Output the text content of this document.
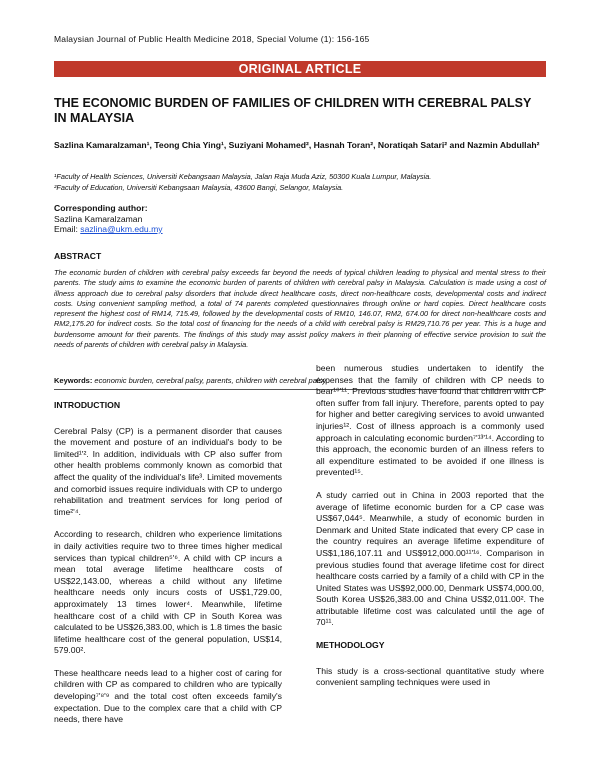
Malaysian Journal of Public Health Medicine 2018, Special Volume (1): 156-165
ORIGINAL ARTICLE
THE ECONOMIC BURDEN OF FAMILIES OF CHILDREN WITH CEREBRAL PALSY IN MALAYSIA
Sazlina Kamaralzaman¹, Teong Chia Ying¹, Suziyani Mohamed², Hasnah Toran², Noratiqah Satari² and Nazmin Abdullah²
¹Faculty of Health Sciences, Universiti Kebangsaan Malaysia, Jalan Raja Muda Aziz, 50300 Kuala Lumpur, Malaysia.
²Faculty of Education, Universiti Kebangsaan Malaysia, 43600 Bangi, Selangor, Malaysia.
Corresponding author:
Sazlina Kamaralzaman
Email: sazlina@ukm.edu.my
ABSTRACT
The economic burden of children with cerebral palsy exceeds far beyond the needs of typical children leading to physical and mental stress to their parents. The study aims to examine the economic burden of parents of children with cerebral palsy in Malaysia. Calculation is made using a cost of illness approach due to cerebral palsy disorders that include direct healthcare costs, direct non-healthcare costs, developmental costs and indirect costs. Using convenient sampling method, a total of 74 parents completed questionnaires through online or hard copies. Direct healthcare costs represent the highest cost of RM14, 715.49, followed by the developmental costs of RM10, 146.07, RM2, 674.00 for direct non-healthcare costs and RM2,175.20 for indirect costs. So the total cost of financing for the needs of a child with cerebral palsy is RM29,710.76 per year. This is a huge and burdensome amount for their parents. The findings of this study may assist policy makers in their planning of effective service provision to suit the needs of parents of children with cerebral palsy in Malaysia.
Keywords: economic burden, cerebral palsy, parents, children with cerebral palsy
INTRODUCTION

Cerebral Palsy (CP) is a permanent disorder that causes the movement and posture of an individual's body to be limited¹'². In addition, individuals with CP also suffer from other health problems commonly known as comorbid that affect the quality of the individual's life³. Limited movements and comorbid issues require individuals with CP to undergo rehabilitation and treatment services for long period of time²'⁴.

According to research, children who experience limitations in daily activities require two to three times higher medical services than typical children⁵'⁶. A child with CP incurs a mean total average lifetime healthcare costs of US$22,143.00, whereas a child without any lifetime healthcare needs only incurs costs of US$1,729.00, approximately 13 times lower⁴. Meanwhile, lifetime healthcare cost of a child with CP in South Korea was calculated to be US$26,383.00, which is 1.8 times the basic lifetime healthcare cost of the general population, US$14, 579.00².

These healthcare needs lead to a higher cost of caring for children with CP as compared to children who are typically developing⁷'⁸'⁹ and the total cost often exceeds family's expectation. Due to the complex care that a child with CP needs, there have

been numerous studies undertaken to identify the expenses that the family of children with CP needs to bear¹⁰'¹¹. Previous studies have found that children with CP often suffer from fall injury. Therefore, parents opted to pay for higher and better caregiving services to avoid unwanted injuries¹². Cost of illness approach is a commonly used approach in calculating economic burden⁷'¹³'¹⁴. According to this approach, the economic burden of an illness refers to all expenditure estimated to be avoided if one illness is prevented¹⁵.

A study carried out in China in 2003 reported that the average of lifetime economic burden for a CP case was US$67,044⁵. Meanwhile, a study of economic burden in Denmark and United State indicated that every CP case in the country requires an average lifetime expenditure of US$1,186,107.11 and US$912,000.00¹¹'¹⁶. Comparison in previous studies found that average lifetime cost for direct healthcare costs carried by a family of a child with CP in the United States was US$92,000.00, Denmark US$74,000.00, South Korea US$26,383.00 and China US$2,011.00². The attributable lifetime cost was calculated until the age of 70¹¹.

METHODOLOGY

This study is a cross-sectional quantitative study where convenient sampling techniques were used in
